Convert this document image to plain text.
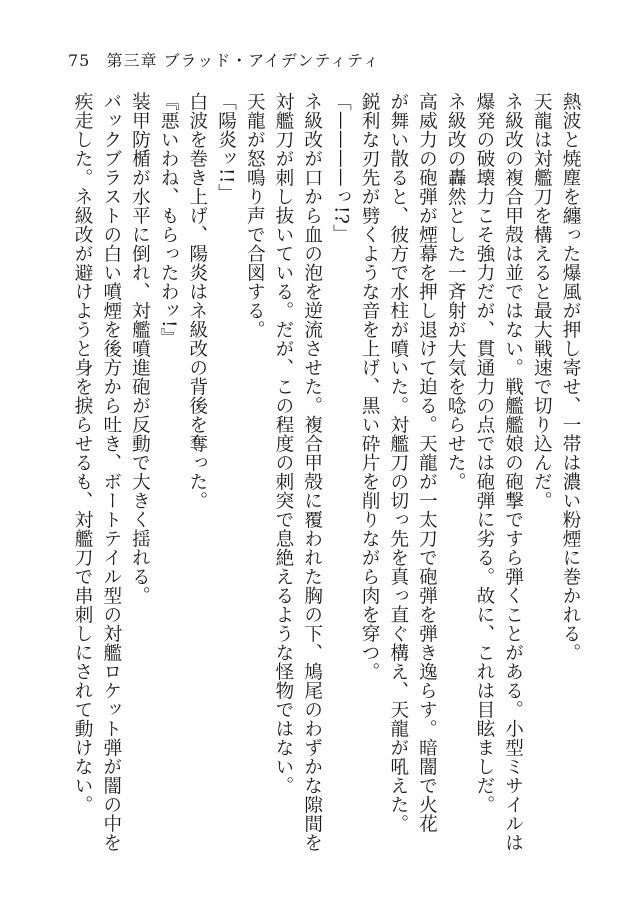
75 第三章 ブラッド・アイデンティティ
熱波と焼塵を纏った爆風が押し寄せ、一帯は濃い粉煙に巻かれる。
天龍は対艦刀を構えると最大戦速で切り込んだ。
ネ級改の複合甲殻は並ではない。戦艦艦娘の砲撃ですら弾くことがある。小型ミサイルは
爆発の破壊力こそ強力だが、貫通力の点では砲弾に劣る。故に、これは目眩ましだ。
ネ級改の轟然とした一斉射が大気を唸らせた。
高威力の砲弾が煙幕を押し退けて迫る。天龍が一太刀で砲弾を弾き逸らす。暗闇で火花
が舞い散ると、彼方で水柱が噴いた。対艦刀の切っ先を真っ直ぐ構え、天龍が吼えた。
鋭利な刃先が劈くような音を上げ、黒い砕片を削りながら肉を穿つ。
「————っ!?」
ネ級改が口から血の泡を逆流させた。複合甲殻に覆われた胸の下、鳩尾のわずかな隙間を
対艦刀が刺し抜いている。だが、この程度の刺突で息絶えるような怪物ではない。
天龍が怒鳴り声で合図する。
「陽炎ッ!!」
白波を巻き上げ、陽炎はネ級改の背後を奪った。
『悪いわね、もらったわッ!』
装甲防楯が水平に倒れ、対艦噴進砲が反動で大きく揺れる。
バックブラストの白い噴煙を後方から吐き、ボートテイル型の対艦ロケット弾が闇の中を
疾走した。ネ級改が避けようと身を捩らせるも、対艦刀で串刺しにされて動けない。
